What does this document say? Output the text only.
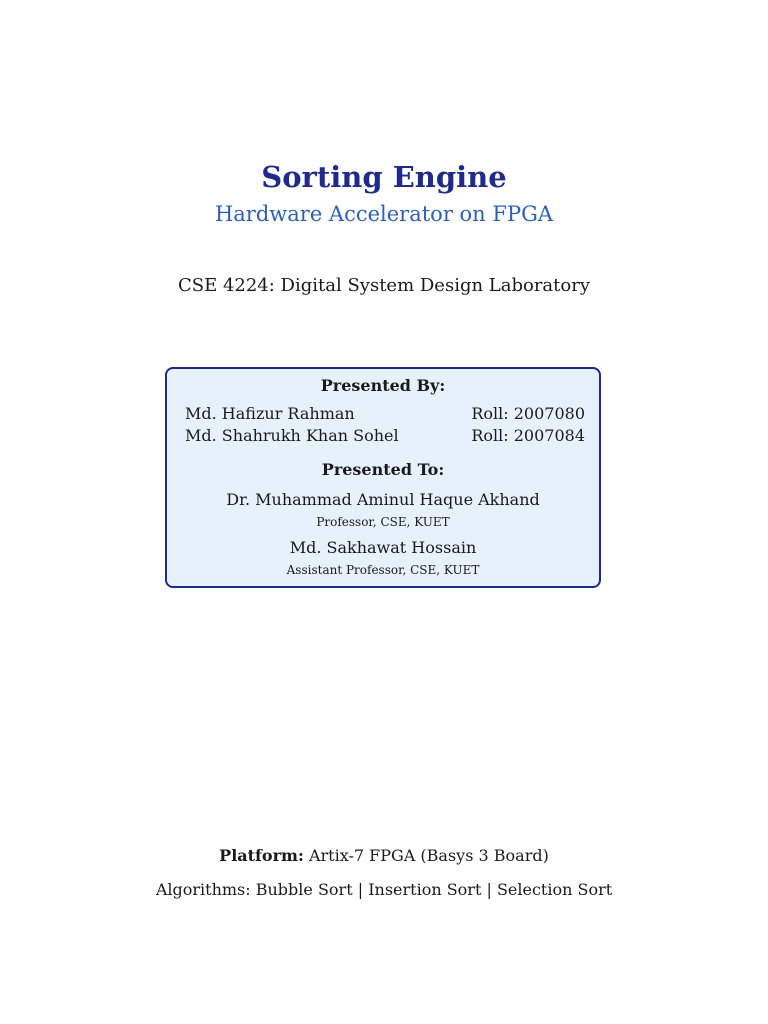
Sorting Engine
Hardware Accelerator on FPGA
CSE 4224: Digital System Design Laboratory
Presented By:
Md. Hafizur Rahman	Roll: 2007080
Md. Shahrukh Khan Sohel	Roll: 2007084
Presented To:
Dr. Muhammad Aminul Haque Akhand
Professor, CSE, KUET
Md. Sakhawat Hossain
Assistant Professor, CSE, KUET
Platform: Artix-7 FPGA (Basys 3 Board)
Algorithms: Bubble Sort | Insertion Sort | Selection Sort
